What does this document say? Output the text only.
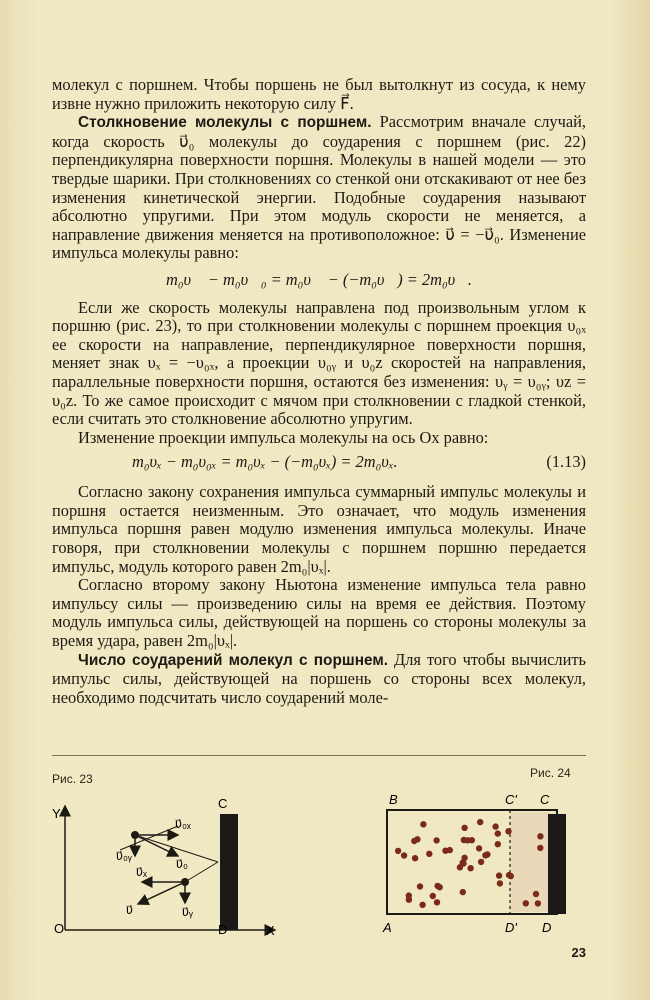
молекул с поршнем. Чтобы поршень не был вытолкнут из сосуда, к нему извне нужно приложить некоторую силу F⃗.

Столкновение молекулы с поршнем. Рассмотрим вначале случай, когда скорость υ⃗₀ молекулы до соударения с поршнем (рис. 22) перпендикулярна поверхности поршня. Молекулы в нашей модели — это твердые шарики. При столкновениях со стенкой они отскакивают от нее без изменения кинетической энергии. Подобные соударения называют абсолютно упругими. При этом модуль скорости не меняется, а направление движения меняется на противоположное: υ⃗ = −υ⃗₀. Изменение импульса молекулы равно:

m₀υ⃗ − m₀υ⃗₀ = m₀υ⃗ − (−m₀υ⃗) = 2m₀υ⃗.

Если же скорость молекулы направлена под произвольным углом к поршню (рис. 23), то при столкновении молекулы с поршнем проекция υ₀ₓ ее скорости на направление, перпендикулярное поверхности поршня, меняет знак υₓ = −υ₀ₓ, а проекции υ₀ᵧ и υ₀z скоростей на направления, параллельные поверхности поршня, остаются без изменения: υᵧ = υ₀ᵧ; υz = υ₀z. То же самое происходит с мячом при столкновении с гладкой стенкой, если считать это столкновение абсолютно упругим.

Изменение проекции импульса молекулы на ось Ox равно:

m₀υₓ − m₀υ₀ₓ = m₀υₓ − (−m₀υₓ) = 2m₀υₓ.	(1.13)

Согласно закону сохранения импульса суммарный импульс молекулы и поршня остается неизменным. Это означает, что модуль изменения импульса поршня равен модулю изменения импульса молекулы. Иначе говоря, при столкновении молекулы с поршнем поршню передается импульс, модуль которого равен 2m₀|υₓ|.

Согласно второму закону Ньютона изменение импульса тела равно импульсу силы — произведению силы на время ее действия. Поэтому модуль импульса силы, действующей на поршень со стороны молекулы за время удара, равен 2m₀|υₓ|.

Число соударений молекул с поршнем. Для того чтобы вычислить импульс силы, действующей на поршень со стороны всех молекул, необходимо подсчитать число соударений моле-

Рис. 23	Рис. 24
Y
X
O
C
D
υ⃗₀ₓ
υ⃗₀ᵧ
υ⃗₀
υ⃗ₓ
υ⃗	υ⃗ᵧ
B	C' C
A	D' D
23
